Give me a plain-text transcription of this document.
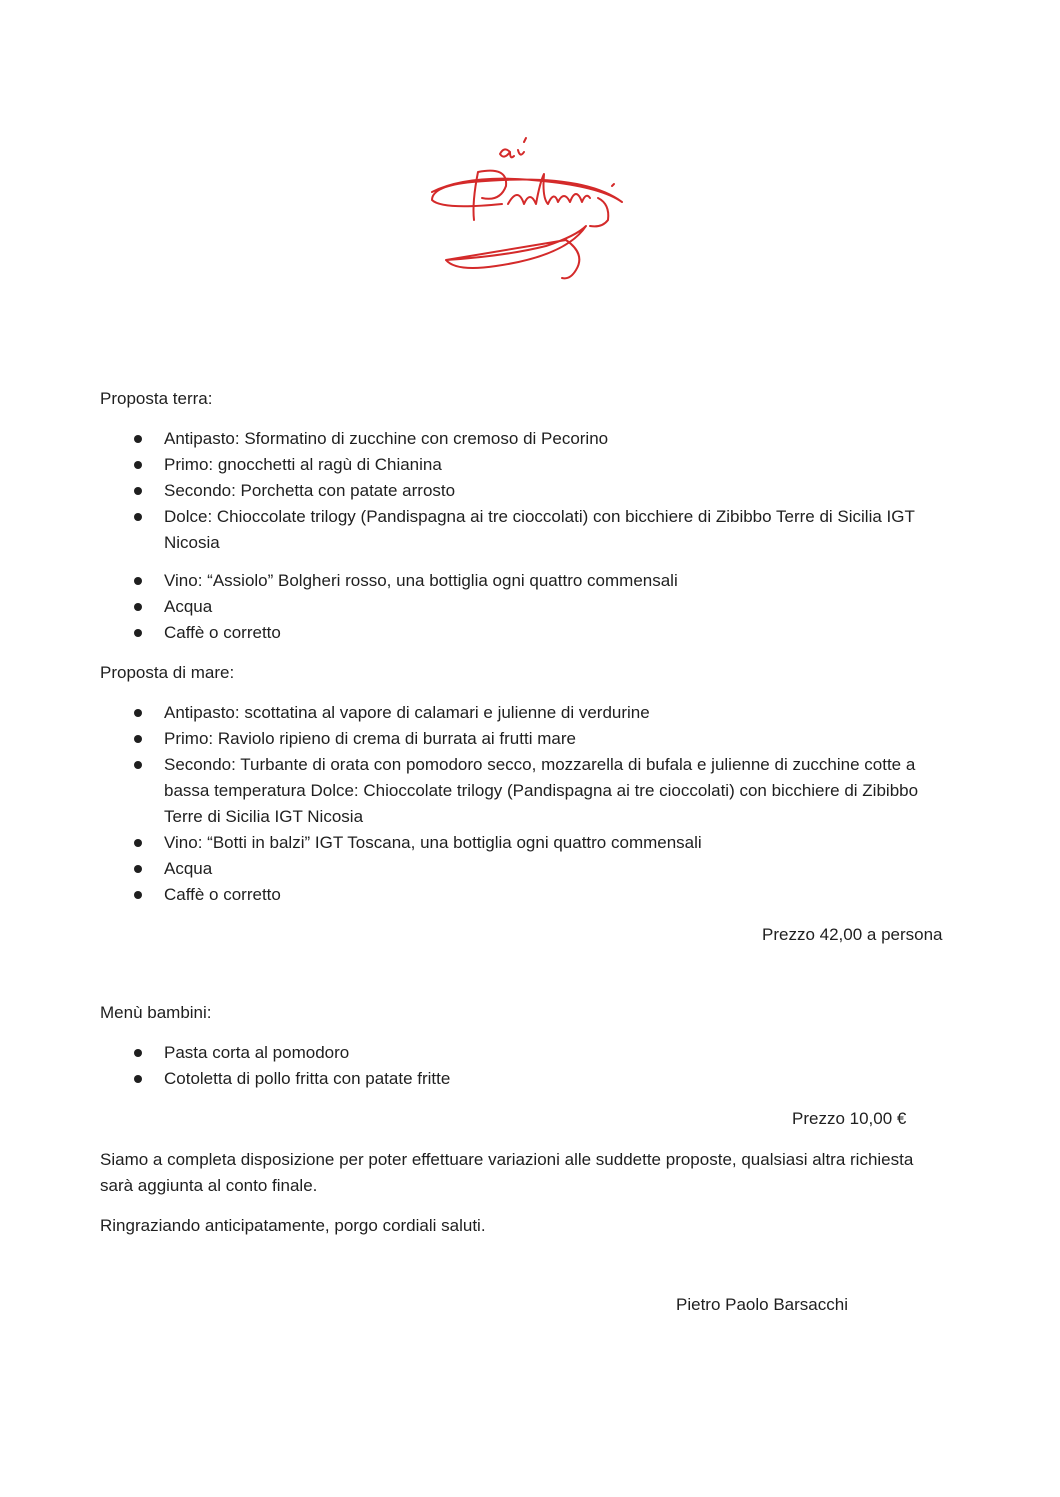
Proposta terra:
Antipasto: Sformatino di zucchine con cremoso di Pecorino
Primo: gnocchetti al ragù di Chianina
Secondo: Porchetta con patate arrosto
Dolce: Chioccolate trilogy (Pandispagna ai tre cioccolati) con bicchiere di Zibibbo Terre di Sicilia IGT Nicosia
Vino: “Assiolo” Bolgheri rosso, una bottiglia ogni quattro commensali
Acqua
Caffè o corretto
Proposta di mare:
Antipasto: scottatina al vapore di calamari e julienne di verdurine
Primo: Raviolo ripieno di crema di burrata ai frutti mare
Secondo: Turbante di orata con pomodoro secco, mozzarella di bufala e julienne di zucchine cotte a bassa temperatura Dolce: Chioccolate trilogy (Pandispagna ai tre cioccolati) con bicchiere di Zibibbo Terre di Sicilia IGT Nicosia
Vino: “Botti in balzi” IGT Toscana, una bottiglia ogni quattro commensali
Acqua
Caffè o corretto
Prezzo 42,00 a persona
Menù bambini:
Pasta corta al pomodoro
Cotoletta di pollo fritta con patate fritte
Prezzo 10,00 €
Siamo a completa disposizione per poter effettuare variazioni alle suddette proposte, qualsiasi altra richiesta sarà aggiunta al conto finale.
Ringraziando anticipatamente, porgo cordiali saluti.
Pietro Paolo Barsacchi
